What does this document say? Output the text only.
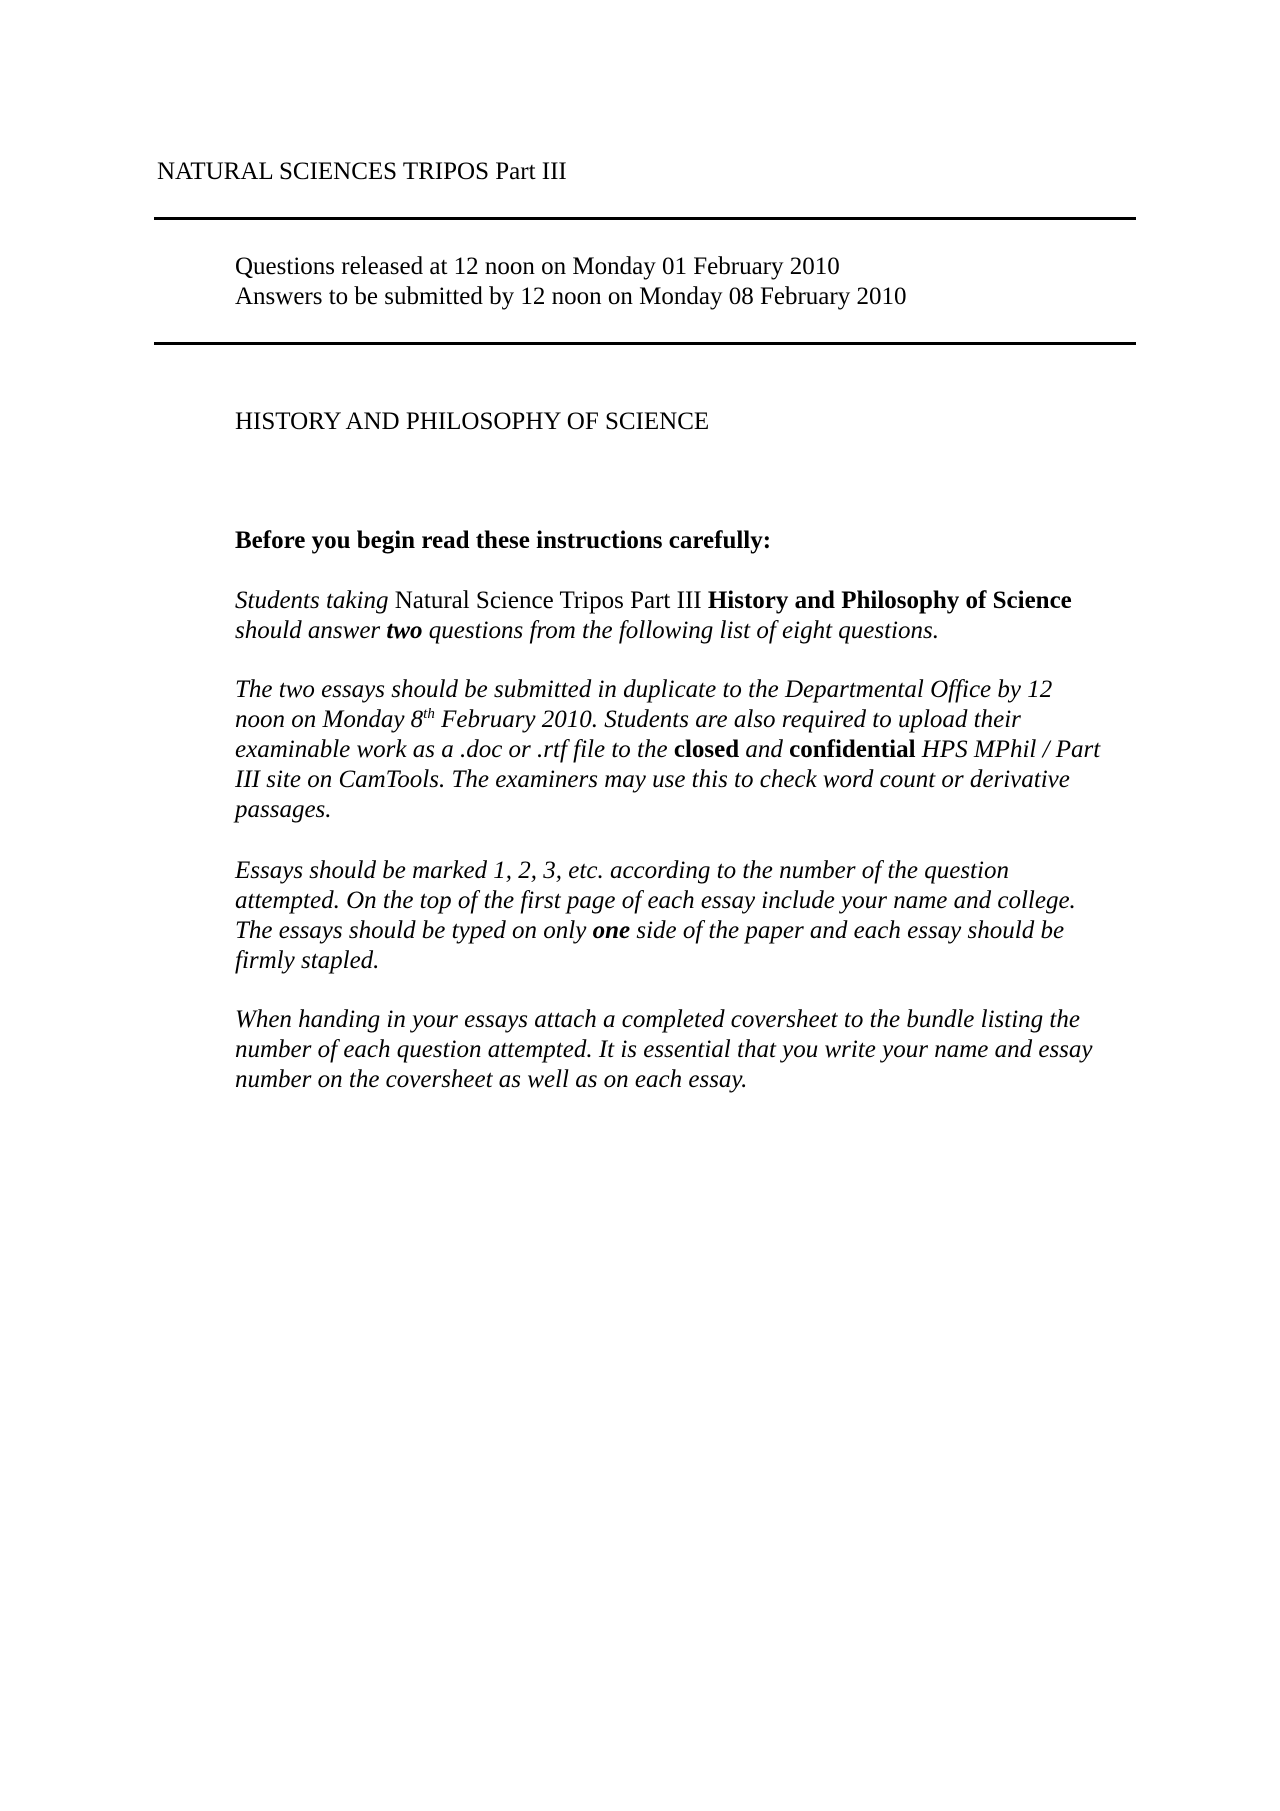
NATURAL SCIENCES TRIPOS Part III
Questions released at 12 noon on Monday 01 February 2010
Answers to be submitted by 12 noon on Monday 08 February 2010
HISTORY AND PHILOSOPHY OF SCIENCE
Before you begin read these instructions carefully:
Students taking Natural Science Tripos Part III History and Philosophy of Science
should answer two questions from the following list of eight questions.
The two essays should be submitted in duplicate to the Departmental Office by 12
noon on Monday 8th February 2010. Students are also required to upload their
examinable work as a .doc or .rtf file to the closed and confidential HPS MPhil / Part
III site on CamTools. The examiners may use this to check word count or derivative
passages.
Essays should be marked 1, 2, 3, etc. according to the number of the question
attempted. On the top of the first page of each essay include your name and college.
The essays should be typed on only one side of the paper and each essay should be
firmly stapled.
When handing in your essays attach a completed coversheet to the bundle listing the
number of each question attempted. It is essential that you write your name and essay
number on the coversheet as well as on each essay.
